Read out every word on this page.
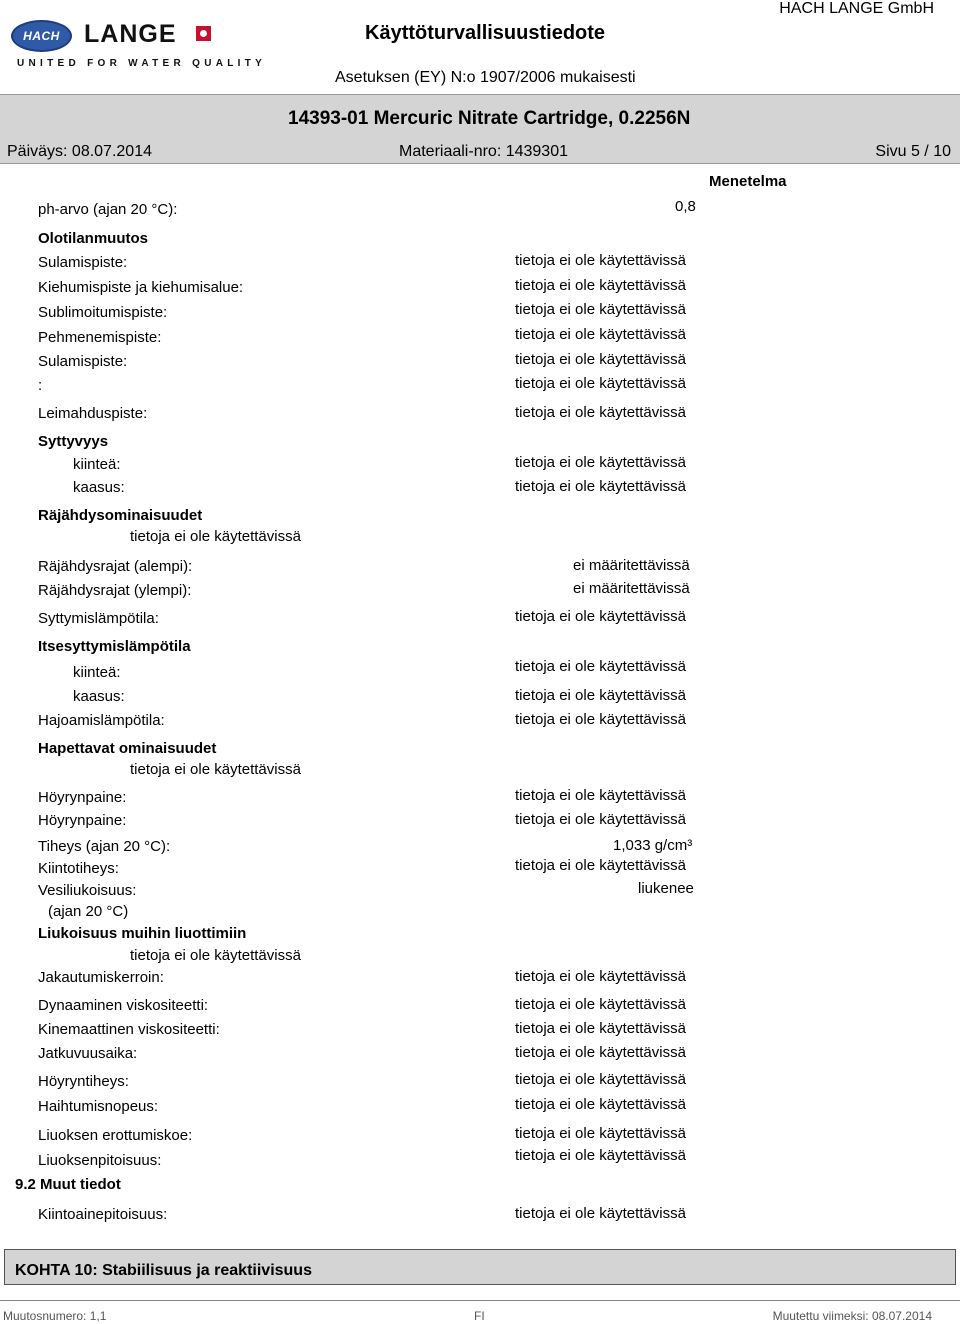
HACH LANGE
UNITED FOR WATER QUALITY
Käyttöturvallisuustiedote
HACH LANGE GmbH
Asetuksen (EY) N:o 1907/2006 mukaisesti
14393-01 Mercuric Nitrate Cartridge, 0.2256N
Päiväys: 08.07.2014	Materiaali-nro: 1439301	Sivu 5 / 10
Menetelma
ph-arvo (ajan 20 °C):	0,8
Olotilanmuutos
Sulamispiste:	tietoja ei ole käytettävissä
Kiehumispiste ja kiehumisalue:	tietoja ei ole käytettävissä
Sublimoitumispiste:	tietoja ei ole käytettävissä
Pehmenemispiste:	tietoja ei ole käytettävissä
Sulamispiste:	tietoja ei ole käytettävissä
:	tietoja ei ole käytettävissä
Leimahduspiste:	tietoja ei ole käytettävissä
Syttyvyys
kiinteä:	tietoja ei ole käytettävissä
kaasus:	tietoja ei ole käytettävissä
Räjähdysominaisuudet
tietoja ei ole käytettävissä
Räjähdysrajat (alempi):	ei määritettävissä
Räjähdysrajat (ylempi):	ei määritettävissä
Syttymislämpötila:	tietoja ei ole käytettävissä
Itsesyttymislämpötila
kiinteä:	tietoja ei ole käytettävissä
kaasus:	tietoja ei ole käytettävissä
Hajoamislämpötila:	tietoja ei ole käytettävissä
Hapettavat ominaisuudet
tietoja ei ole käytettävissä
Höyrynpaine:	tietoja ei ole käytettävissä
Höyrynpaine:	tietoja ei ole käytettävissä
Tiheys (ajan 20 °C):	1,033 g/cm³
Kiintotiheys:	tietoja ei ole käytettävissä
Vesiliukoisuus:	liukenee
(ajan 20 °C)
Liukoisuus muihin liuottimiin
tietoja ei ole käytettävissä
Jakautumiskerroin:	tietoja ei ole käytettävissä
Dynaaminen viskositeetti:	tietoja ei ole käytettävissä
Kinemaattinen viskositeetti:	tietoja ei ole käytettävissä
Jatkuvuusaika:	tietoja ei ole käytettävissä
Höyryntiheys:	tietoja ei ole käytettävissä
Haihtumisnopeus:	tietoja ei ole käytettävissä
Liuoksen erottumiskoe:	tietoja ei ole käytettävissä
Liuoksenpitoisuus:	tietoja ei ole käytettävissä
9.2 Muut tiedot
Kiintoainepitoisuus:	tietoja ei ole käytettävissä
KOHTA 10: Stabiilisuus ja reaktiivisuus
Muutosnumero: 1,1	FI	Muutettu viimeksi: 08.07.2014
